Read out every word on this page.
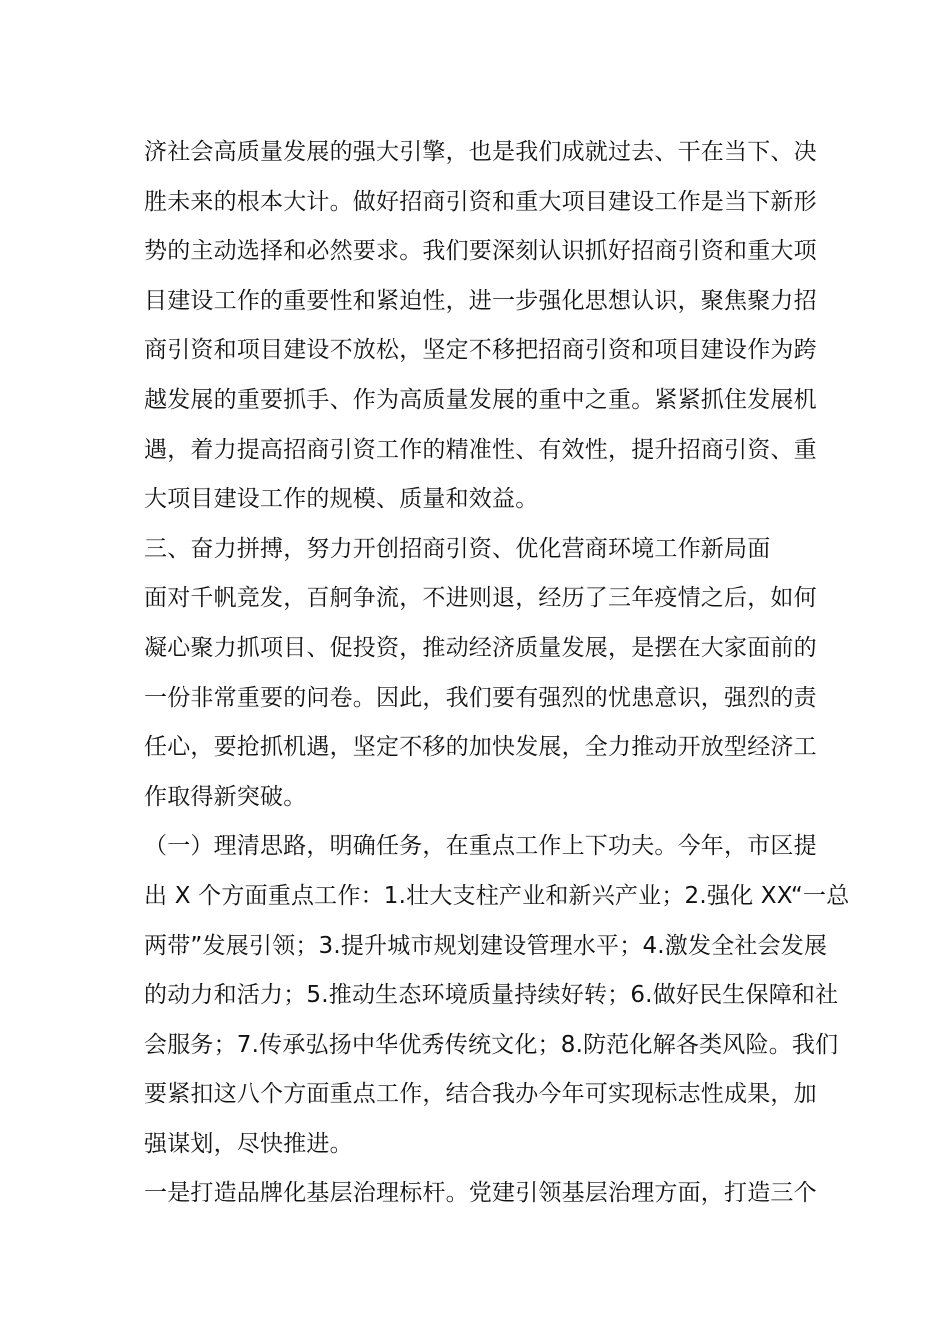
济社会高质量发展的强大引擎，也是我们成就过去、干在当下、决
胜未来的根本大计。做好招商引资和重大项目建设工作是当下新形
势的主动选择和必然要求。我们要深刻认识抓好招商引资和重大项
目建设工作的重要性和紧迫性，进一步强化思想认识，聚焦聚力招
商引资和项目建设不放松，坚定不移把招商引资和项目建设作为跨
越发展的重要抓手、作为高质量发展的重中之重。紧紧抓住发展机
遇，着力提高招商引资工作的精准性、有效性，提升招商引资、重
大项目建设工作的规模、质量和效益。
三、奋力拼搏，努力开创招商引资、优化营商环境工作新局面
面对千帆竞发，百舸争流，不进则退，经历了三年疫情之后，如何
凝心聚力抓项目、促投资，推动经济质量发展，是摆在大家面前的
一份非常重要的问卷。因此，我们要有强烈的忧患意识，强烈的责
任心，要抢抓机遇，坚定不移的加快发展，全力推动开放型经济工
作取得新突破。
（一）理清思路，明确任务，在重点工作上下功夫。今年，市区提
出 X 个方面重点工作：1.壮大支柱产业和新兴产业；2.强化 XX“一总
两带”发展引领；3.提升城市规划建设管理水平；4.激发全社会发展
的动力和活力；5.推动生态环境质量持续好转；6.做好民生保障和社
会服务；7.传承弘扬中华优秀传统文化；8.防范化解各类风险。我们
要紧扣这八个方面重点工作，结合我办今年可实现标志性成果，加
强谋划，尽快推进。
一是打造品牌化基层治理标杆。党建引领基层治理方面，打造三个
